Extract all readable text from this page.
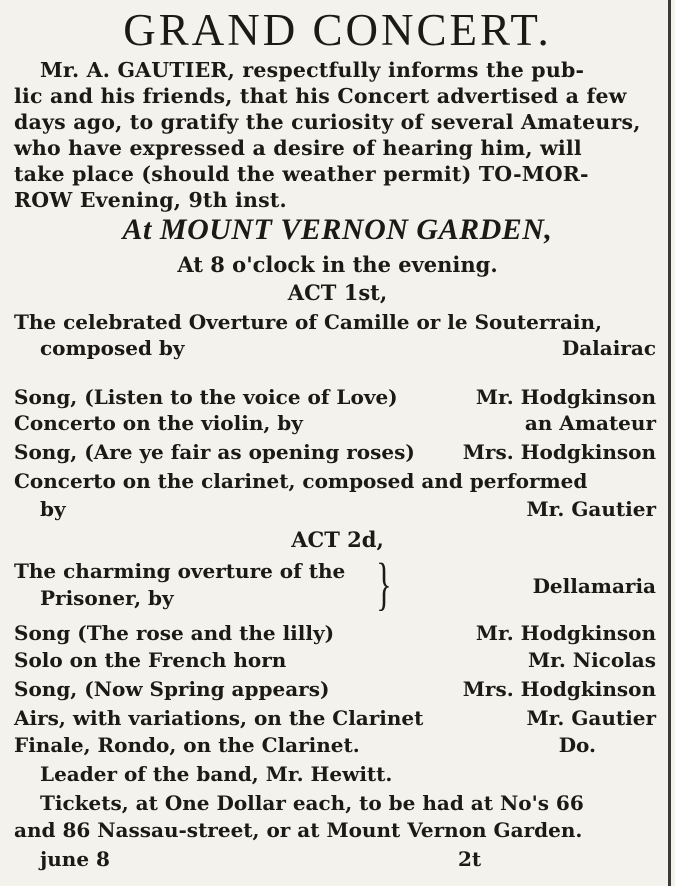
GRAND CONCERT.
Mr. A. GAUTIER, respectfully informs the pub-
lic and his friends, that his Concert advertised a few
days ago, to gratify the curiosity of several Amateurs,
who have expressed a desire of hearing him, will
take place (should the weather permit) TO-MOR-
ROW Evening, 9th inst.
At MOUNT VERNON GARDEN,
At 8 o'clock in the evening.
ACT 1st,
The celebrated Overture of Camille or le Souterrain,
composed by	Dalairac
Song, (Listen to the voice of Love)	Mr. Hodgkinson
Concerto on the violin, by	an Amateur
Song, (Are ye fair as opening roses) Mrs. Hodgkinson
Concerto on the clarinet, composed and performed
by	Mr. Gautier
ACT 2d,
The charming overture of the
Prisoner, by	}	Dellamaria
Song (The rose and the lilly)	Mr. Hodgkinson
Solo on the French horn	Mr. Nicolas
Song, (Now Spring appears)	Mrs. Hodgkinson
Airs, with variations, on the Clarinet	Mr. Gautier
Finale, Rondo, on the Clarinet.	Do.
Leader of the band, Mr. Hewitt.
Tickets, at One Dollar each, to be had at No's 66
and 86 Nassau-street, or at Mount Vernon Garden.
june 8	2t
